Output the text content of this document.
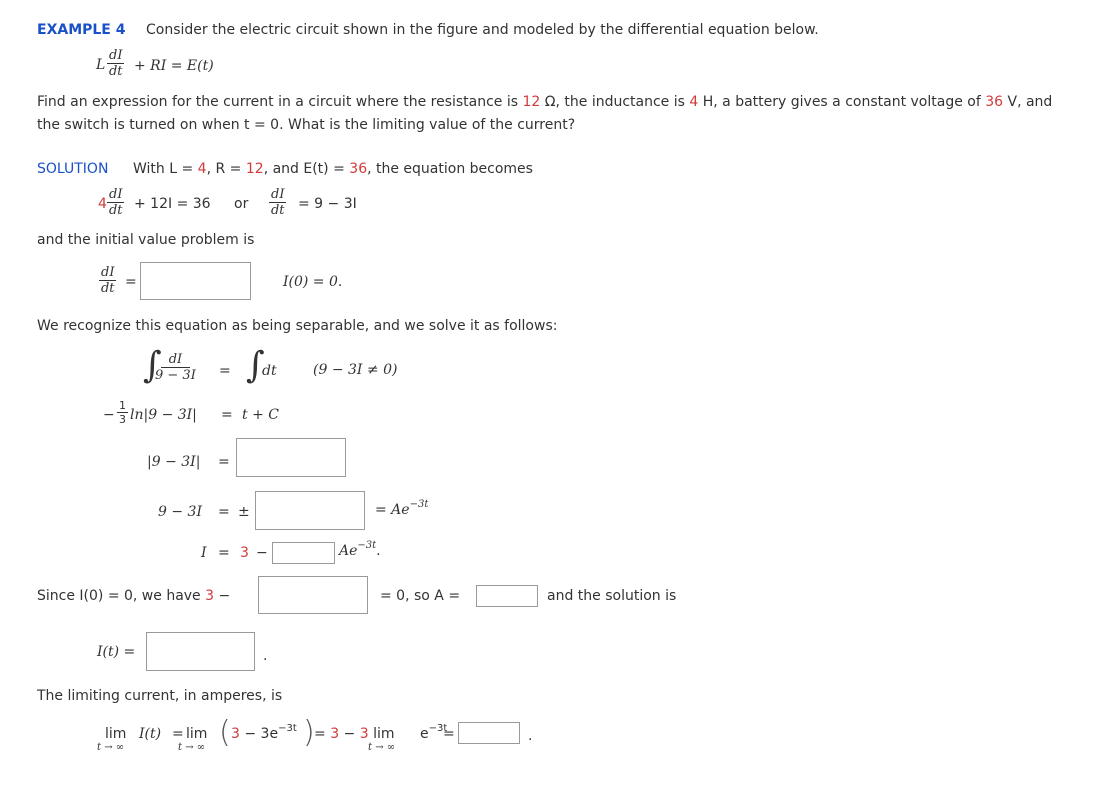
EXAMPLE 4 Consider the electric circuit shown in the figure and modeled by the differential equation below.
L $\frac{dI}{dt}$ + RI = E(t)
Find an expression for the current in a circuit where the resistance is 12 Ω, the inductance is 4 H, a battery gives a constant voltage of 36 V, and
the switch is turned on when t = 0. What is the limiting value of the current?
SOLUTION With L = 4, R = 12, and E(t) = 36, the equation becomes
$4 \frac{dI}{dt} + 12I = 36$ or $\frac{dI}{dt} = 9 - 3I$
and the initial value problem is
$\frac{dI}{dt}$ =	I(0) = 0.
We recognize this equation as being separable, and we solve it as follows:
∫
$\frac{dI}{9 - 3I}$ = ∫
dt	(9 − 3I ≠ 0)
− $\frac{1}{3} \ln|9 - 3I| = t + C$
|9 − 3I| =
9 − 3I = ±	= $Ae^{-3t}$
I = 3 −	$Ae^{-3t}$.
Since I(0) = 0, we have 3 −	= 0, so A =	and the solution is
I(t) =	.
The limiting current, in amperes, is
lim
t → ∞
I(t) = lim
t → ∞ ( $3 - 3e^{-3t}$ ) = 3 − 3 lim
t → ∞
$e^{-3t}$
=	.
